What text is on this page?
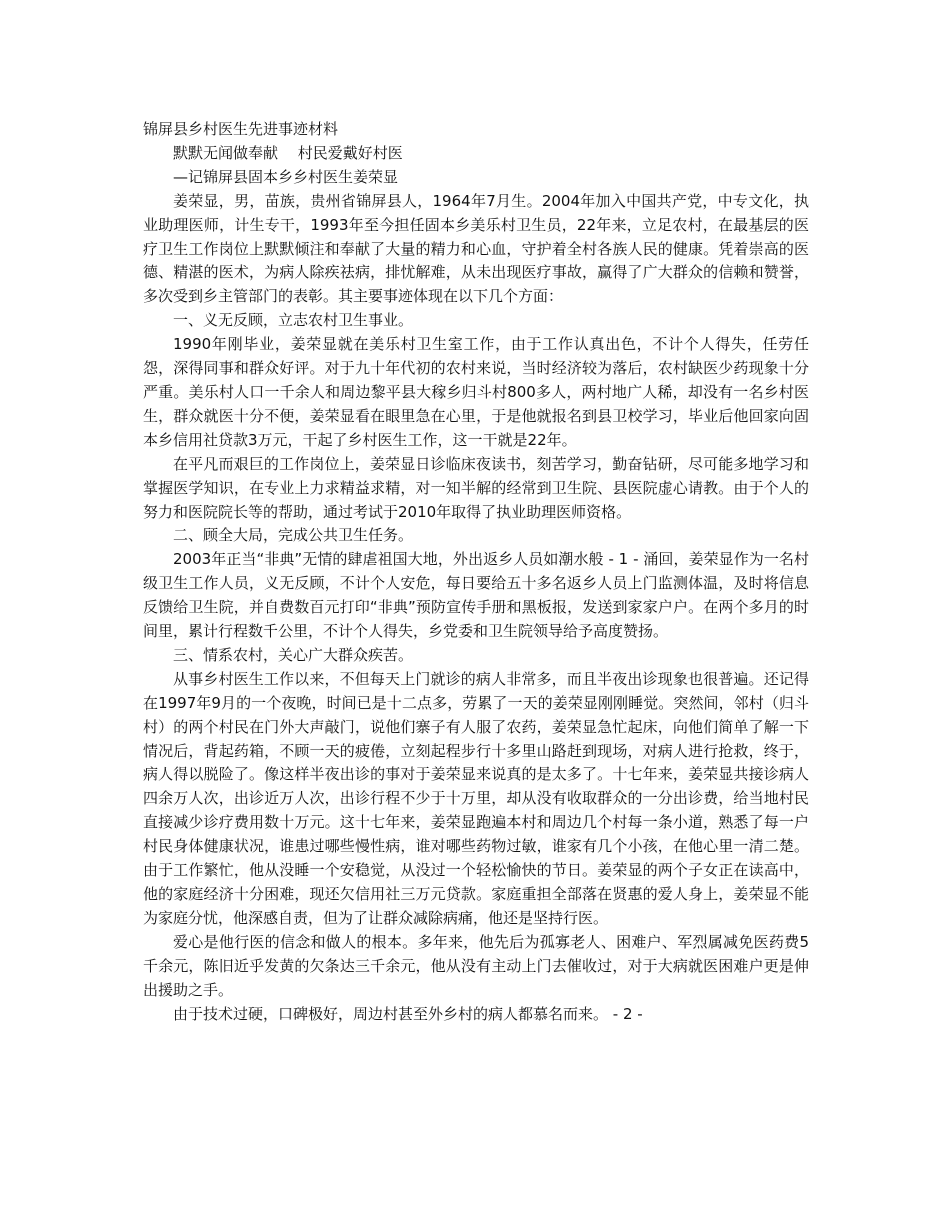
锦屏县乡村医生先进事迹材料

默默无闻做奉献　 村民爱戴好村医

—记锦屏县固本乡乡村医生姜荣显

姜荣显，男，苗族，贵州省锦屏县人，1964年7月生。2004年加入中国共产党，中专文化，执业助理医师，计生专干，1993年至今担任固本乡美乐村卫生员，22年来，立足农村，在最基层的医疗卫生工作岗位上默默倾注和奉献了大量的精力和心血，守护着全村各族人民的健康。凭着崇高的医德、精湛的医术，为病人除疾祛病，排忧解难，从未出现医疗事故，赢得了广大群众的信赖和赞誉，多次受到乡主管部门的表彰。其主要事迹体现在以下几个方面：

一、义无反顾，立志农村卫生事业。

1990年刚毕业，姜荣显就在美乐村卫生室工作，由于工作认真出色，不计个人得失，任劳任怨，深得同事和群众好评。对于九十年代初的农村来说，当时经济较为落后，农村缺医少药现象十分严重。美乐村人口一千余人和周边黎平县大稼乡归斗村800多人，两村地广人稀，却没有一名乡村医生，群众就医十分不便，姜荣显看在眼里急在心里，于是他就报名到县卫校学习，毕业后他回家向固本乡信用社贷款3万元，干起了乡村医生工作，这一干就是22年。

在平凡而艰巨的工作岗位上，姜荣显日诊临床夜读书，刻苦学习，勤奋钻研，尽可能多地学习和掌握医学知识，在专业上力求精益求精，对一知半解的经常到卫生院、县医院虚心请教。由于个人的努力和医院院长等的帮助，通过考试于2010年取得了执业助理医师资格。

二、顾全大局，完成公共卫生任务。

2003年正当“非典”无情的肆虐祖国大地，外出返乡人员如潮水般 - 1 - 涌回，姜荣显作为一名村级卫生工作人员，义无反顾，不计个人安危，每日要给五十多名返乡人员上门监测体温，及时将信息反馈给卫生院，并自费数百元打印“非典”预防宣传手册和黑板报，发送到家家户户。在两个多月的时间里，累计行程数千公里，不计个人得失，乡党委和卫生院领导给予高度赞扬。

三、情系农村，关心广大群众疾苦。

从事乡村医生工作以来，不但每天上门就诊的病人非常多，而且半夜出诊现象也很普遍。还记得在1997年9月的一个夜晚，时间已是十二点多，劳累了一天的姜荣显刚刚睡觉。突然间，邻村（归斗村）的两个村民在门外大声敲门，说他们寨子有人服了农药，姜荣显急忙起床，向他们简单了解一下情况后，背起药箱，不顾一天的疲倦，立刻起程步行十多里山路赶到现场，对病人进行抢救，终于，病人得以脱险了。像这样半夜出诊的事对于姜荣显来说真的是太多了。十七年来，姜荣显共接诊病人四余万人次，出诊近万人次，出诊行程不少于十万里，却从没有收取群众的一分出诊费，给当地村民直接减少诊疗费用数十万元。这十七年来，姜荣显跑遍本村和周边几个村每一条小道，熟悉了每一户村民身体健康状况，谁患过哪些慢性病，谁对哪些药物过敏，谁家有几个小孩，在他心里一清二楚。由于工作繁忙，他从没睡一个安稳觉，从没过一个轻松愉快的节日。姜荣显的两个子女正在读高中，他的家庭经济十分困难，现还欠信用社三万元贷款。家庭重担全部落在贤惠的爱人身上，姜荣显不能为家庭分忧，他深感自责，但为了让群众减除病痛，他还是坚持行医。

爱心是他行医的信念和做人的根本。多年来，他先后为孤寡老人、困难户、军烈属减免医药费5千余元，陈旧近乎发黄的欠条达三千余元，他从没有主动上门去催收过，对于大病就医困难户更是伸出援助之手。

由于技术过硬，口碑极好，周边村甚至外乡村的病人都慕名而来。 - 2 -
